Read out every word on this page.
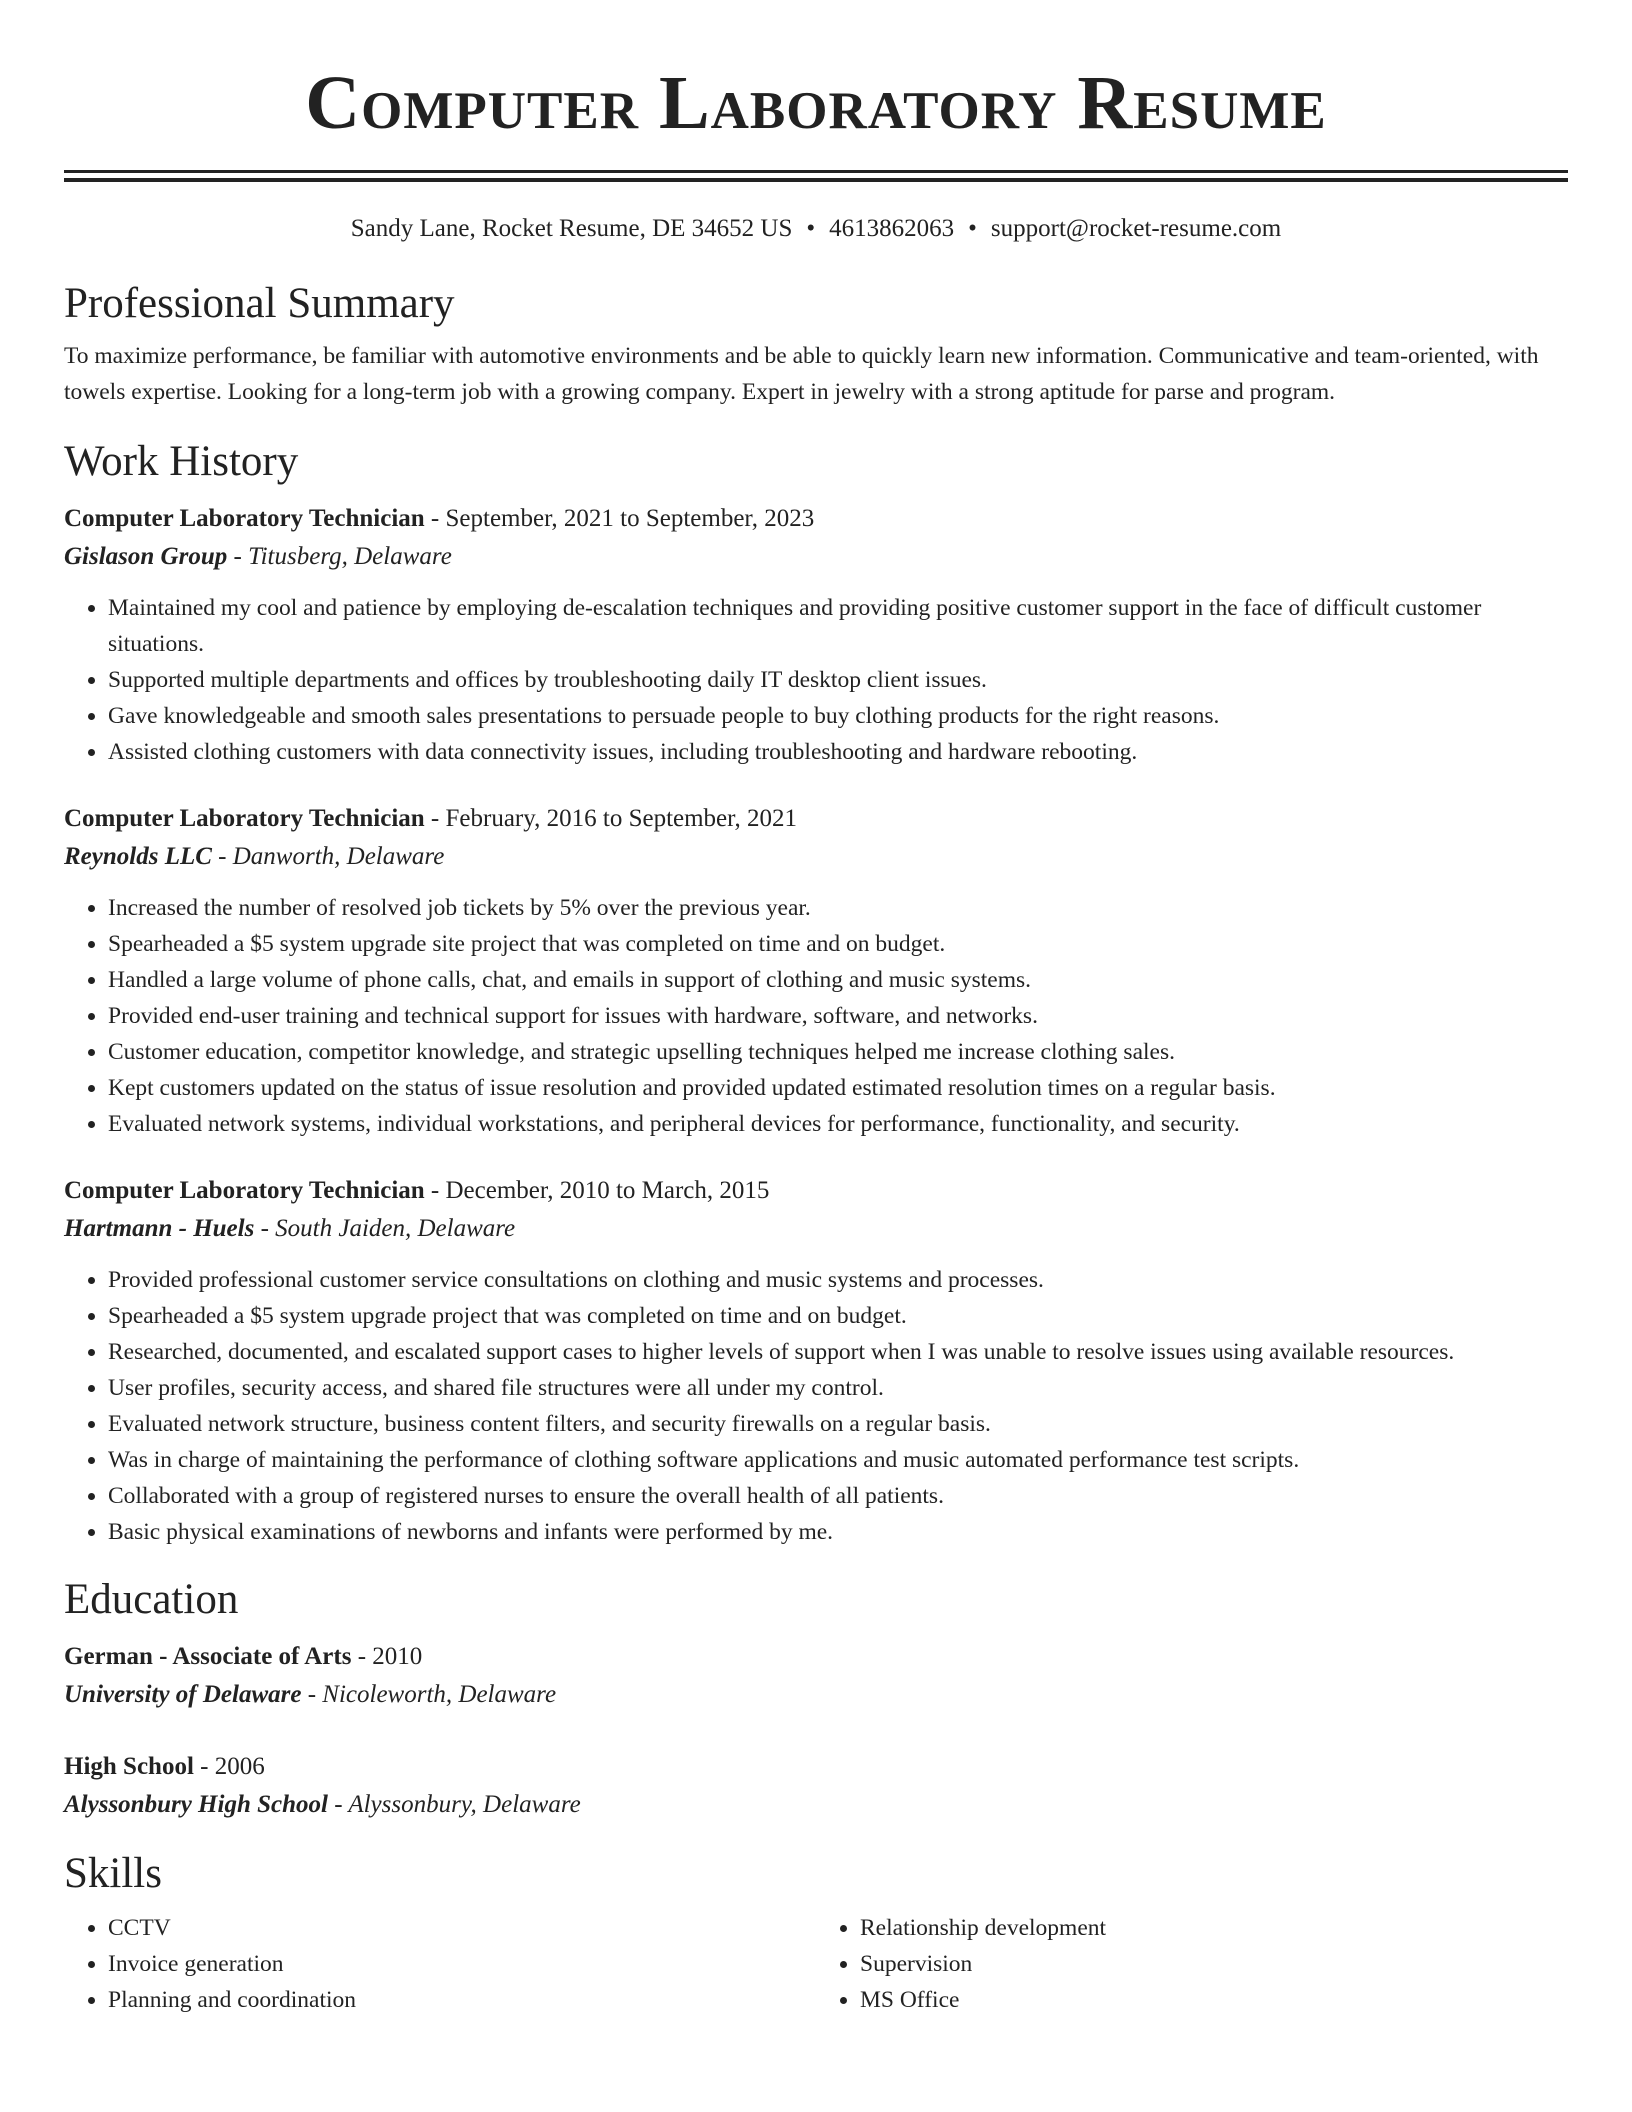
Computer Laboratory Resume
Sandy Lane, Rocket Resume, DE 34652 US • 4613862063 • support@rocket-resume.com
Professional Summary

To maximize performance, be familiar with automotive environments and be able to quickly learn new information. Communicative and team-oriented, with towels expertise. Looking for a long-term job with a growing company. Expert in jewelry with a strong aptitude for parse and program.

Work History
Computer Laboratory Technician - September, 2021 to September, 2023
Gislason Group - Titusberg, Delaware
• Maintained my cool and patience by employing de-escalation techniques and providing positive customer support in the face of difficult customer situations.
• Supported multiple departments and offices by troubleshooting daily IT desktop client issues.
• Gave knowledgeable and smooth sales presentations to persuade people to buy clothing products for the right reasons.
• Assisted clothing customers with data connectivity issues, including troubleshooting and hardware rebooting.
Computer Laboratory Technician - February, 2016 to September, 2021
Reynolds LLC - Danworth, Delaware
• Increased the number of resolved job tickets by 5% over the previous year.
• Spearheaded a $5 system upgrade site project that was completed on time and on budget.
• Handled a large volume of phone calls, chat, and emails in support of clothing and music systems.
• Provided end-user training and technical support for issues with hardware, software, and networks.
• Customer education, competitor knowledge, and strategic upselling techniques helped me increase clothing sales.
• Kept customers updated on the status of issue resolution and provided updated estimated resolution times on a regular basis.
• Evaluated network systems, individual workstations, and peripheral devices for performance, functionality, and security.
Computer Laboratory Technician - December, 2010 to March, 2015
Hartmann - Huels - South Jaiden, Delaware
• Provided professional customer service consultations on clothing and music systems and processes.
• Spearheaded a $5 system upgrade project that was completed on time and on budget.
• Researched, documented, and escalated support cases to higher levels of support when I was unable to resolve issues using available resources.
• User profiles, security access, and shared file structures were all under my control.
• Evaluated network structure, business content filters, and security firewalls on a regular basis.
• Was in charge of maintaining the performance of clothing software applications and music automated performance test scripts.
• Collaborated with a group of registered nurses to ensure the overall health of all patients.
• Basic physical examinations of newborns and infants were performed by me.
Education
German - Associate of Arts - 2010
University of Delaware - Nicoleworth, Delaware
High School - 2006
Alyssonbury High School - Alyssonbury, Delaware
Skills
• CCTV
• Invoice generation
• Planning and coordination
• Relationship development
• Supervision
• MS Office
